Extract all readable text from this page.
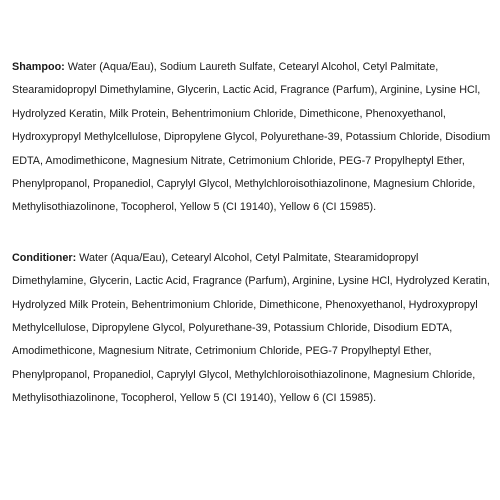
Shampoo: Water (Aqua/Eau), Sodium Laureth Sulfate, Cetearyl Alcohol, Cetyl Palmitate, Stearamidopropyl Dimethylamine, Glycerin, Lactic Acid, Fragrance (Parfum), Arginine, Lysine HCl, Hydrolyzed Keratin, Milk Protein, Behentrimonium Chloride, Dimethicone, Phenoxyethanol, Hydroxypropyl Methylcellulose, Dipropylene Glycol, Polyurethane-39, Potassium Chloride, Disodium EDTA, Amodimethicone, Magnesium Nitrate, Cetrimonium Chloride, PEG-7 Propylheptyl Ether, Phenylpropanol, Propanediol, Caprylyl Glycol, Methylchloroisothiazolinone, Magnesium Chloride, Methylisothiazolinone, Tocopherol, Yellow 5 (CI 19140), Yellow 6 (CI 15985).

Conditioner: Water (Aqua/Eau), Cetearyl Alcohol, Cetyl Palmitate, Stearamidopropyl Dimethylamine, Glycerin, Lactic Acid, Fragrance (Parfum), Arginine, Lysine HCl, Hydrolyzed Keratin, Hydrolyzed Milk Protein, Behentrimonium Chloride, Dimethicone, Phenoxyethanol, Hydroxypropyl Methylcellulose, Dipropylene Glycol, Polyurethane-39, Potassium Chloride, Disodium EDTA, Amodimethicone, Magnesium Nitrate, Cetrimonium Chloride, PEG-7 Propylheptyl Ether, Phenylpropanol, Propanediol, Caprylyl Glycol, Methylchloroisothiazolinone, Magnesium Chloride, Methylisothiazolinone, Tocopherol, Yellow 5 (CI 19140), Yellow 6 (CI 15985).
